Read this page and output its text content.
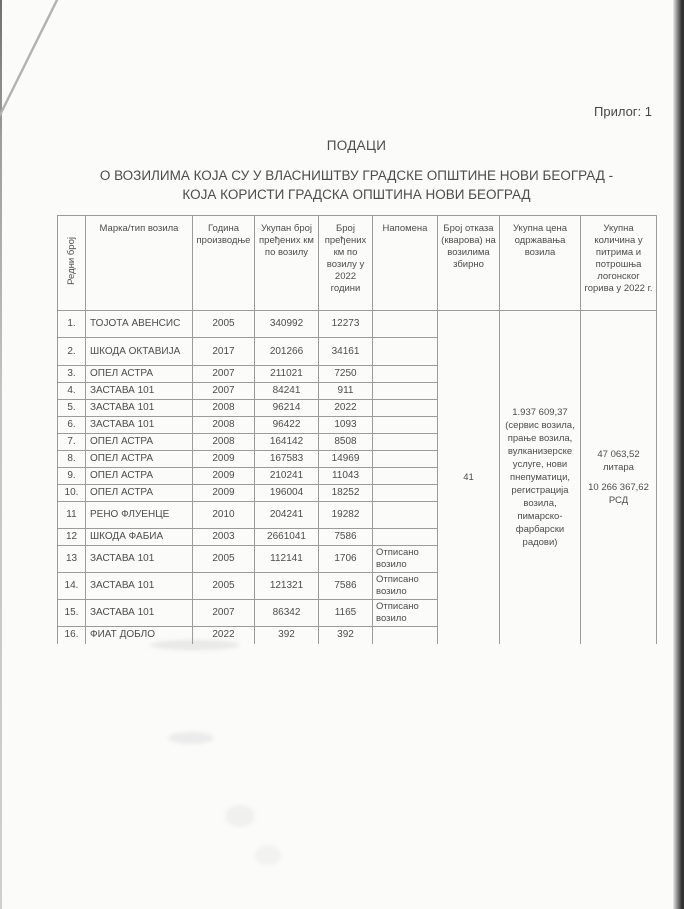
Прилог: 1

ПОДАЦИ

О ВОЗИЛИМА КОЈА СУ У ВЛАСНИШТВУ ГРАДСКЕ ОПШТИНЕ НОВИ БЕОГРАД - КОЈА КОРИСТИ ГРАДСКА ОПШТИНА НОВИ БЕОГРАД

Редни број	Марка/тип возила	Година производње	Укупан број пређених км по возилу	Број пређених км по возилу у 2022 години	Напомена	Број отказа (кварова) на возилима збирно	Укупна цена одржавања возила	Укупна количина у питрима и потрошња логонског горива у 2022 г.
1.	ТОЈОТА АВЕНСИС	2005	340992	12273		41	1.937 609,37 (сервис возила, прање возила, вулканизерске услуге, нови пнепуматици, регистрација возила, пимарско-фарбарски радови)	47 063,52 литара
10 266 367,62 РСД

2.	ШКОДА ОКТАВИЈА	2017	201266	34161				
3.	ОПЕЛ АСТРА	2007	211021	7250				
4.	ЗАСТАВА 101	2007	84241	911				
5.	ЗАСТАВА 101	2008	96214	2022				
6.	ЗАСТАВА 101	2008	96422	1093				
7.	ОПЕЛ АСТРА	2008	164142	8508				
8.	ОПЕЛ АСТРА	2009	167583	14969				
9.	ОПЕЛ АСТРА	2009	210241	11043				
10.	ОПЕЛ АСТРА	2009	196004	18252				
11	РЕНО ФЛУЕНЦЕ	2010	204241	19282				
12	ШКОДА ФАБИА	2003	2661041	7586				
13	ЗАСТАВА 101	2005	112141	1706	Отписано возило			
14.	ЗАСТАВА 101	2005	121321	7586	Отписано возило			
15.	ЗАСТАВА 101	2007	86342	1165	Отписано возило			
16.	ФИАТ ДОБЛО	2022	392	392				
